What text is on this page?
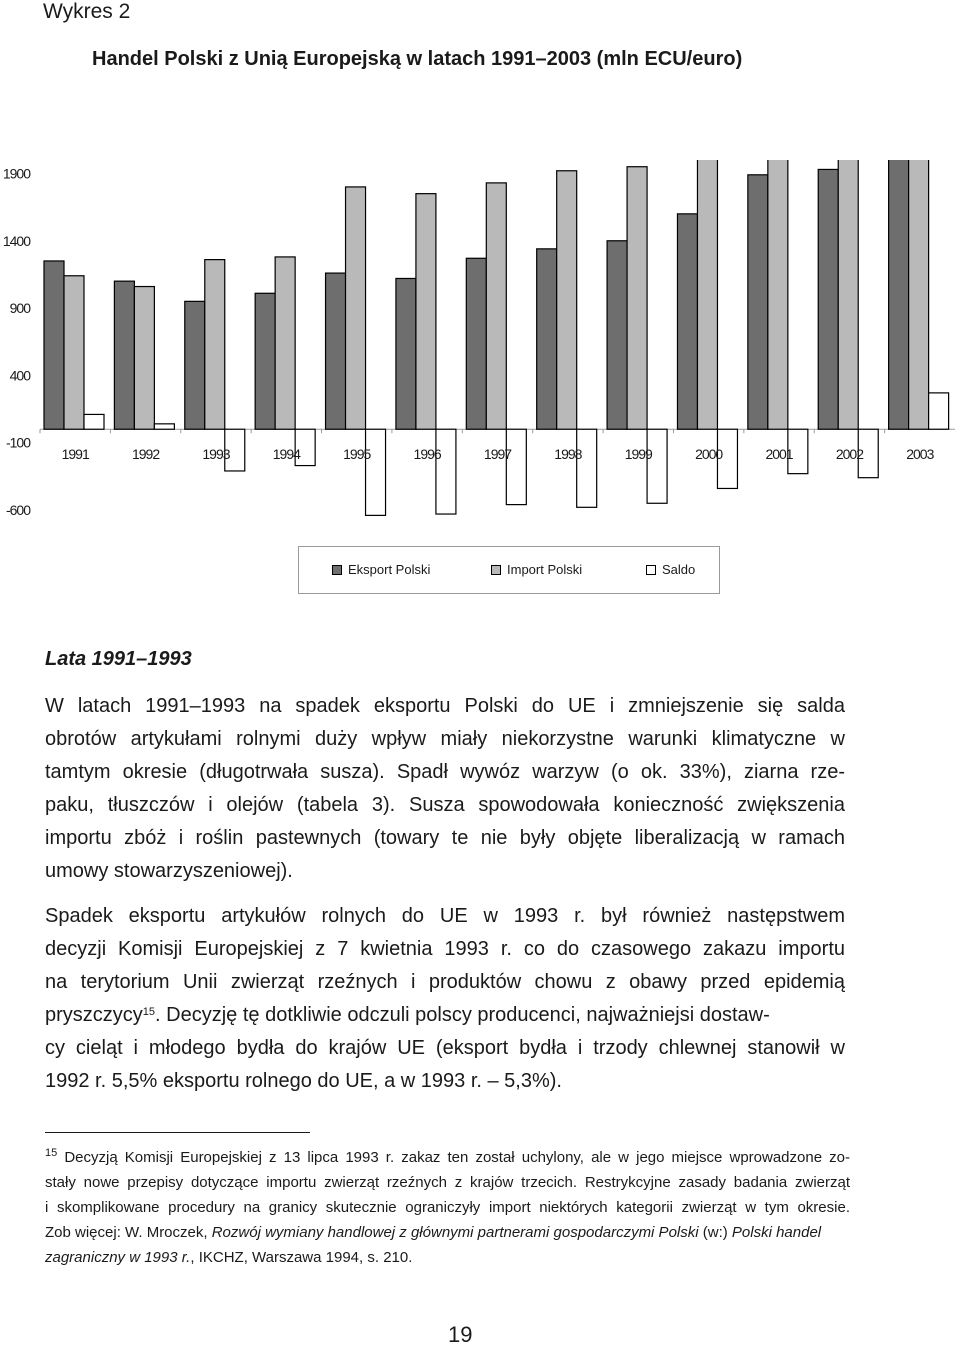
Wykres 2
Handel Polski z Unią Europejską w latach 1991–2003 (mln ECU/euro)
1900
1400
900
400
-100
-600
1991	1992	1993	1994	1995	1996	1997	1998	1999	2000	2001	2002	2003
Eksport Polski	Import Polski	Saldo
Lata 1991–1993
W latach 1991–1993 na spadek eksportu Polski do UE i zmniejszenie się salda
obrotów artykułami rolnymi duży wpływ miały niekorzystne warunki klimatyczne w
tamtym okresie (długotrwała susza). Spadł wywóz warzyw (o ok. 33%), ziarna rze-
paku, tłuszczów i olejów (tabela 3). Susza spowodowała konieczność zwiększenia
importu zbóż i roślin pastewnych (towary te nie były objęte liberalizacją w ramach
umowy stowarzyszeniowej).
Spadek eksportu artykułów rolnych do UE w 1993 r. był również następstwem
decyzji Komisji Europejskiej z 7 kwietnia 1993 r. co do czasowego zakazu importu
na terytorium Unii zwierząt rzeźnych i produktów chowu z obawy przed epidemią
pryszczycy$^{15}$. Decyzję tę dotkliwie odczuli polscy producenci, najważniejsi dostaw-
cy cieląt i młodego bydła do krajów UE (eksport bydła i trzody chlewnej stanowił w
1992 r. 5,5% eksportu rolnego do UE, a w 1993 r. – 5,3%).
$^{15}$ Decyzją Komisji Europejskiej z 13 lipca 1993 r. zakaz ten został uchylony, ale w jego miejsce wprowadzone zo-
stały nowe przepisy dotyczące importu zwierząt rzeźnych z krajów trzecich. Restrykcyjne zasady badania zwierząt
i skomplikowane procedury na granicy skutecznie ograniczyły import niektórych kategorii zwierząt w tym okresie.
Zob więcej: W. Mroczek, Rozwój wymiany handlowej z głównymi partnerami gospodarczymi Polski (w:) Polski handel
zagraniczny w 1993 r., IKCHZ, Warszawa 1994, s. 210.
19
